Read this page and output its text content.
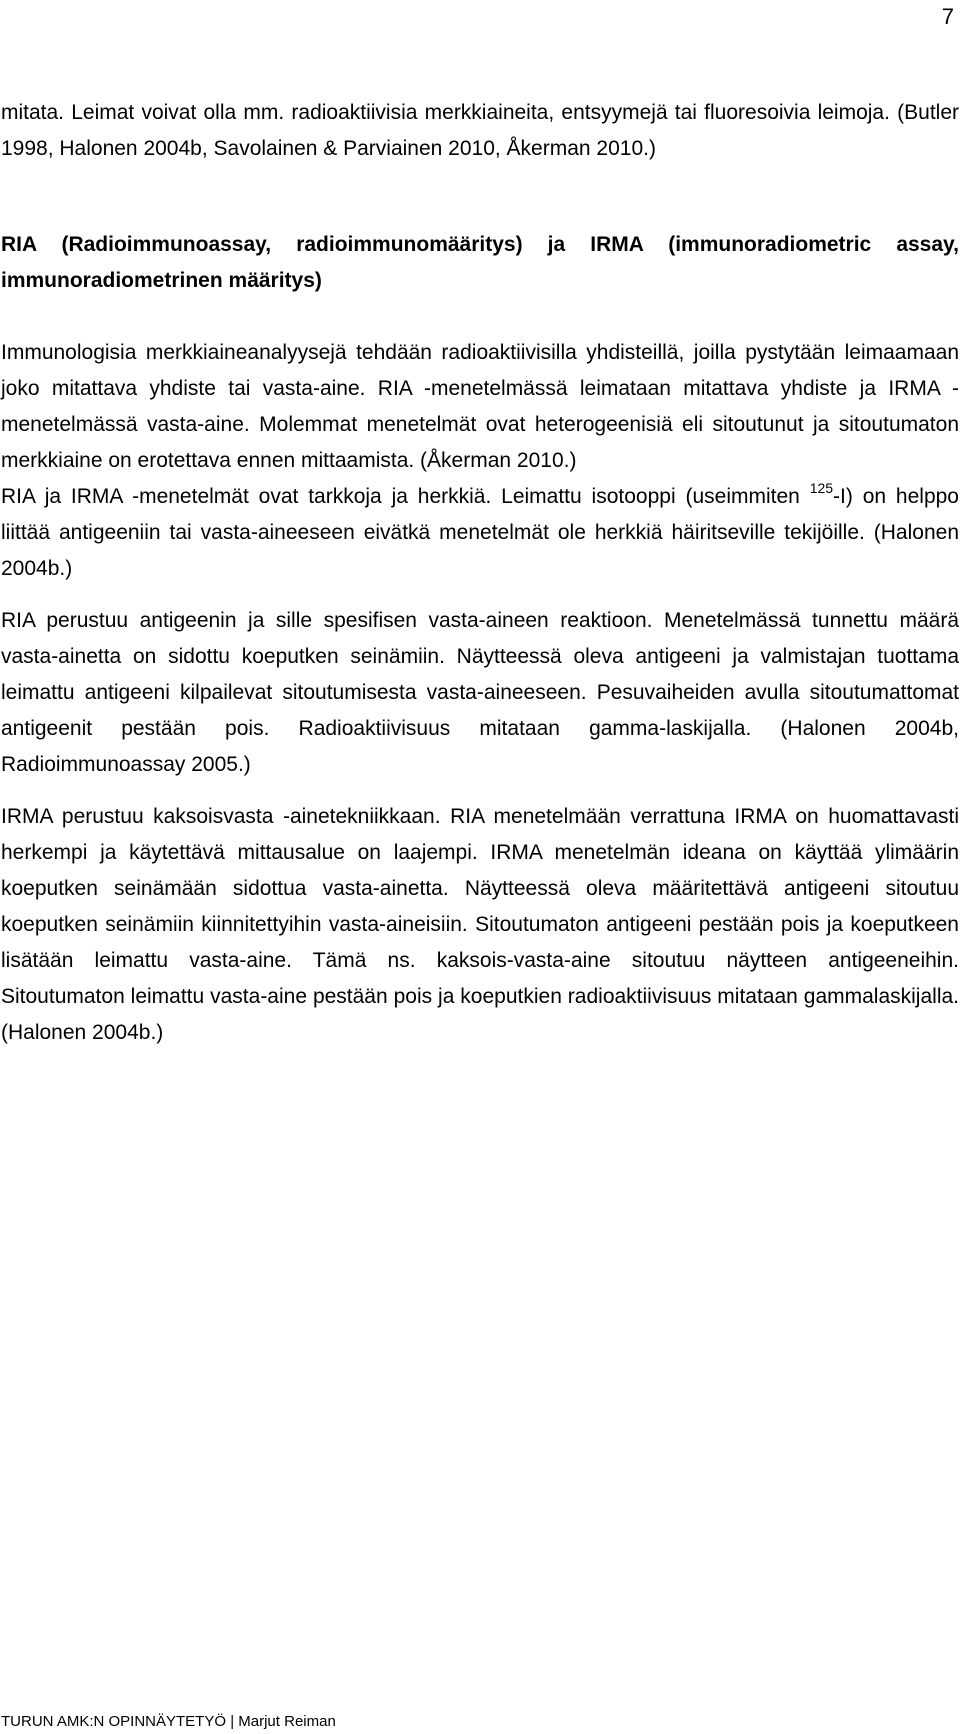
7

mitata. Leimat voivat olla mm. radioaktiivisia merkkiaineita, entsyymejä tai fluoresoivia leimoja. (Butler 1998, Halonen 2004b, Savolainen & Parviainen 2010, Åkerman 2010.)

RIA (Radioimmunoassay, radioimmunomääritys) ja IRMA (immunoradiometric assay, immunoradiometrinen määritys)

Immunologisia merkkiaineanalyysejä tehdään radioaktiivisilla yhdisteillä, joilla pystytään leimaamaan joko mitattava yhdiste tai vasta-aine. RIA -menetelmässä leimataan mitattava yhdiste ja IRMA -menetelmässä vasta-aine. Molemmat menetelmät ovat heterogeenisiä eli sitoutunut ja sitoutumaton merkkiaine on erotettava ennen mittaamista. (Åkerman 2010.)

RIA ja IRMA -menetelmät ovat tarkkoja ja herkkiä. Leimattu isotooppi (useimmiten $^{125}$-I) on helppo liittää antigeeniin tai vasta-aineeseen eivätkä menetelmät ole herkkiä häiritseville tekijöille. (Halonen 2004b.)

RIA perustuu antigeenin ja sille spesifisen vasta-aineen reaktioon. Menetelmässä tunnettu määrä vasta-ainetta on sidottu koeputken seinämiin. Näytteessä oleva antigeeni ja valmistajan tuottama leimattu antigeeni kilpailevat sitoutumisesta vasta-aineeseen. Pesuvaiheiden avulla sitoutumattomat antigeenit pestään pois. Radioaktiivisuus mitataan gamma-laskijalla. (Halonen 2004b, Radioimmunoassay 2005.)

IRMA perustuu kaksoisvasta -ainetekniikkaan. RIA menetelmään verrattuna IRMA on huomattavasti herkempi ja käytettävä mittausalue on laajempi. IRMA menetelmän ideana on käyttää ylimäärin koeputken seinämään sidottua vasta-ainetta. Näytteessä oleva määritettävä antigeeni sitoutuu koeputken seinämiin kiinnitettyihin vasta-aineisiin. Sitoutumaton antigeeni pestään pois ja koeputkeen lisätään leimattu vasta-aine. Tämä ns. kaksois-vasta-aine sitoutuu näytteen antigeeneihin. Sitoutumaton leimattu vasta-aine pestään pois ja koeputkien radioaktiivisuus mitataan gammalaskijalla. (Halonen 2004b.)

TURUN AMK:N OPINNÄYTETYÖ | Marjut Reiman
